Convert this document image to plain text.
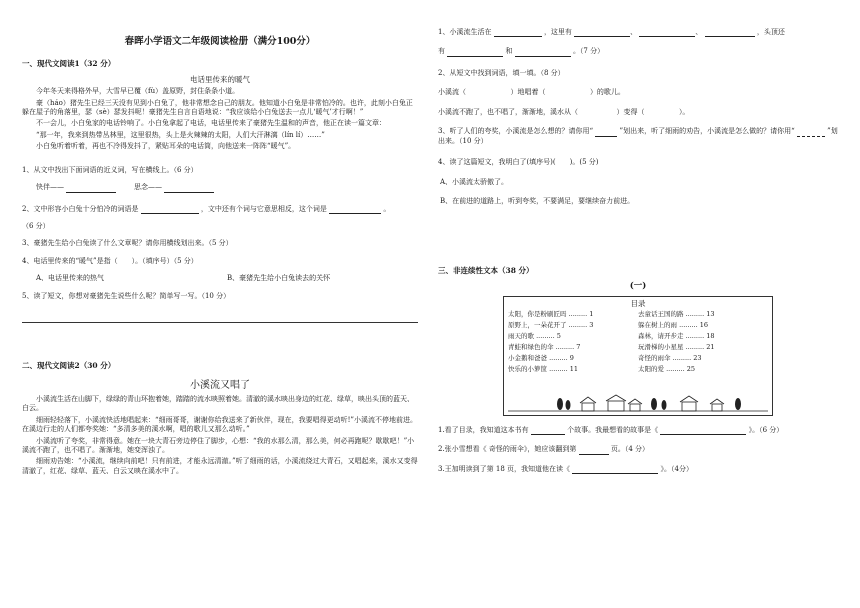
春晖小学语文二年级阅读检册（满分100分）
一、现代文阅读1（32 分）
电话里传来的暖气
今年冬天来得格外早，大雪早已覆（fù）盖原野，封住条条小道。
豪（háo）猪先生已经三天没有见到小白兔了，他非常想念自己的朋友。他知道小白兔是非常怕冷的。也许，此刻小白兔正躲在屋子的角落里，瑟（sè）瑟发抖呢！豪猪先生自言自语地说：“我应该给小白兔送去一点儿‘暖气’才行啊！”
不一会儿，小白兔家的电话铃响了。小白兔拿起了电话，电话里传来了豪猪先生温和的声音，他正在读一篇文章：
“那一年，我来到热带丛林里，这里很热，头上是火辣辣的太阳，人们大汗淋漓（lín lí）……”
小白兔听着听着，再也不冷得发抖了，紧贴耳朵的电话筒，向他送来一阵阵“暖气”。
1、从文中找出下面词语的近义词，写在横线上。（6 分）
快伴——	思念——
2、文中形容小白兔十分怕冷的词语是	，文中还有个词与它意思相反，这个词是	。
（6 分）
3、豪猪先生给小白兔读了什么文章呢？请你用横线划出来。（5 分）
4、电话里传来的“暖气”是指（　　）。（填序号）（5 分）
A、电话里传来的热气	B、豪猪先生给小白兔读去的关怀
5、读了短文，你想对豪猪先生说些什么呢？简单写一写。（10 分）
二、现代文阅读2（30 分）
小溪流又唱了
小溪流生活在山脚下，绿绿的青山环抱着她，踏踏的流水映照着她。清澈的溪水映出身边的红花、绿草，映出头顶的蓝天、白云。
细雨轻轻落下，小溪流快活地唱起来：“细雨哥哥，谢谢你给我送来了新伙伴，现在，我要唱得更动听!”小溪流不停地前进。在溪边行走的人们都夸奖她：“多清多美的溪水啊，唱的歌儿又那么动听。”
小溪流听了夸奖，非常得意。她在一块大青石旁边停住了脚步，心想：“我的水那么清，那么美，何必再跑呢？歇歇吧！”小溪流不跑了，也不唱了。渐渐地，她变浑浊了。
细雨劝告她：“小溪流，继续向前吧！只有前进，才能永远清澈。”听了细雨的话，小溪流绕过大青石，又唱起来，溪水又变得清澈了，红花、绿草、蓝天、白云又映在溪水中了。
1、小溪流生活在	，这里有	、	、	，头顶还
有	和	。（7 分）
2、从短文中找到词语，填一填。（8 分）
小溪流（	）地唱着（	）的歌儿。
小溪流不跑了，也不唱了，渐渐地，溪水从（	）变得（	）。
3、听了人们的夸奖，小溪流是怎么想的？请你用“	”划出来，听了细雨的劝告，小溪流是怎么做的？请你用“	”划出来。（10 分）
4、读了这篇短文，我明白了(填序号)(　　)。(5 分)
A、小溪流太骄傲了。
B、在前进的道路上，听到夸奖，不要满足，要继续奋力前进。
三、非连续性文本（38 分）
(一)
目录
太阳，你是粉刷匠吗 ......... 1	去童话王国的路 ......... 13
原野上，一朵花开了 ......... 3	躲在树上的雨 ......... 16
雨天的歌 ......... 5	森林，请开步走 ......... 18
青蛙和绿色的伞 ......... 7	玩滑梯的小星星 ......... 21
小金鹅和爸爸 ......... 9	奇怪的雨伞 ......... 23
快乐的小箩筐 ......... 11	太阳的爱 ......... 25
1.看了目录，我知道这本书有	个故事。我最想看的故事是《	》。（6 分）
2.张小雪想看《 奇怪的雨伞》，她应该翻到第	页。（4 分）
3.王加明读到了第 18 页，我知道他在读《	》。（4分）
